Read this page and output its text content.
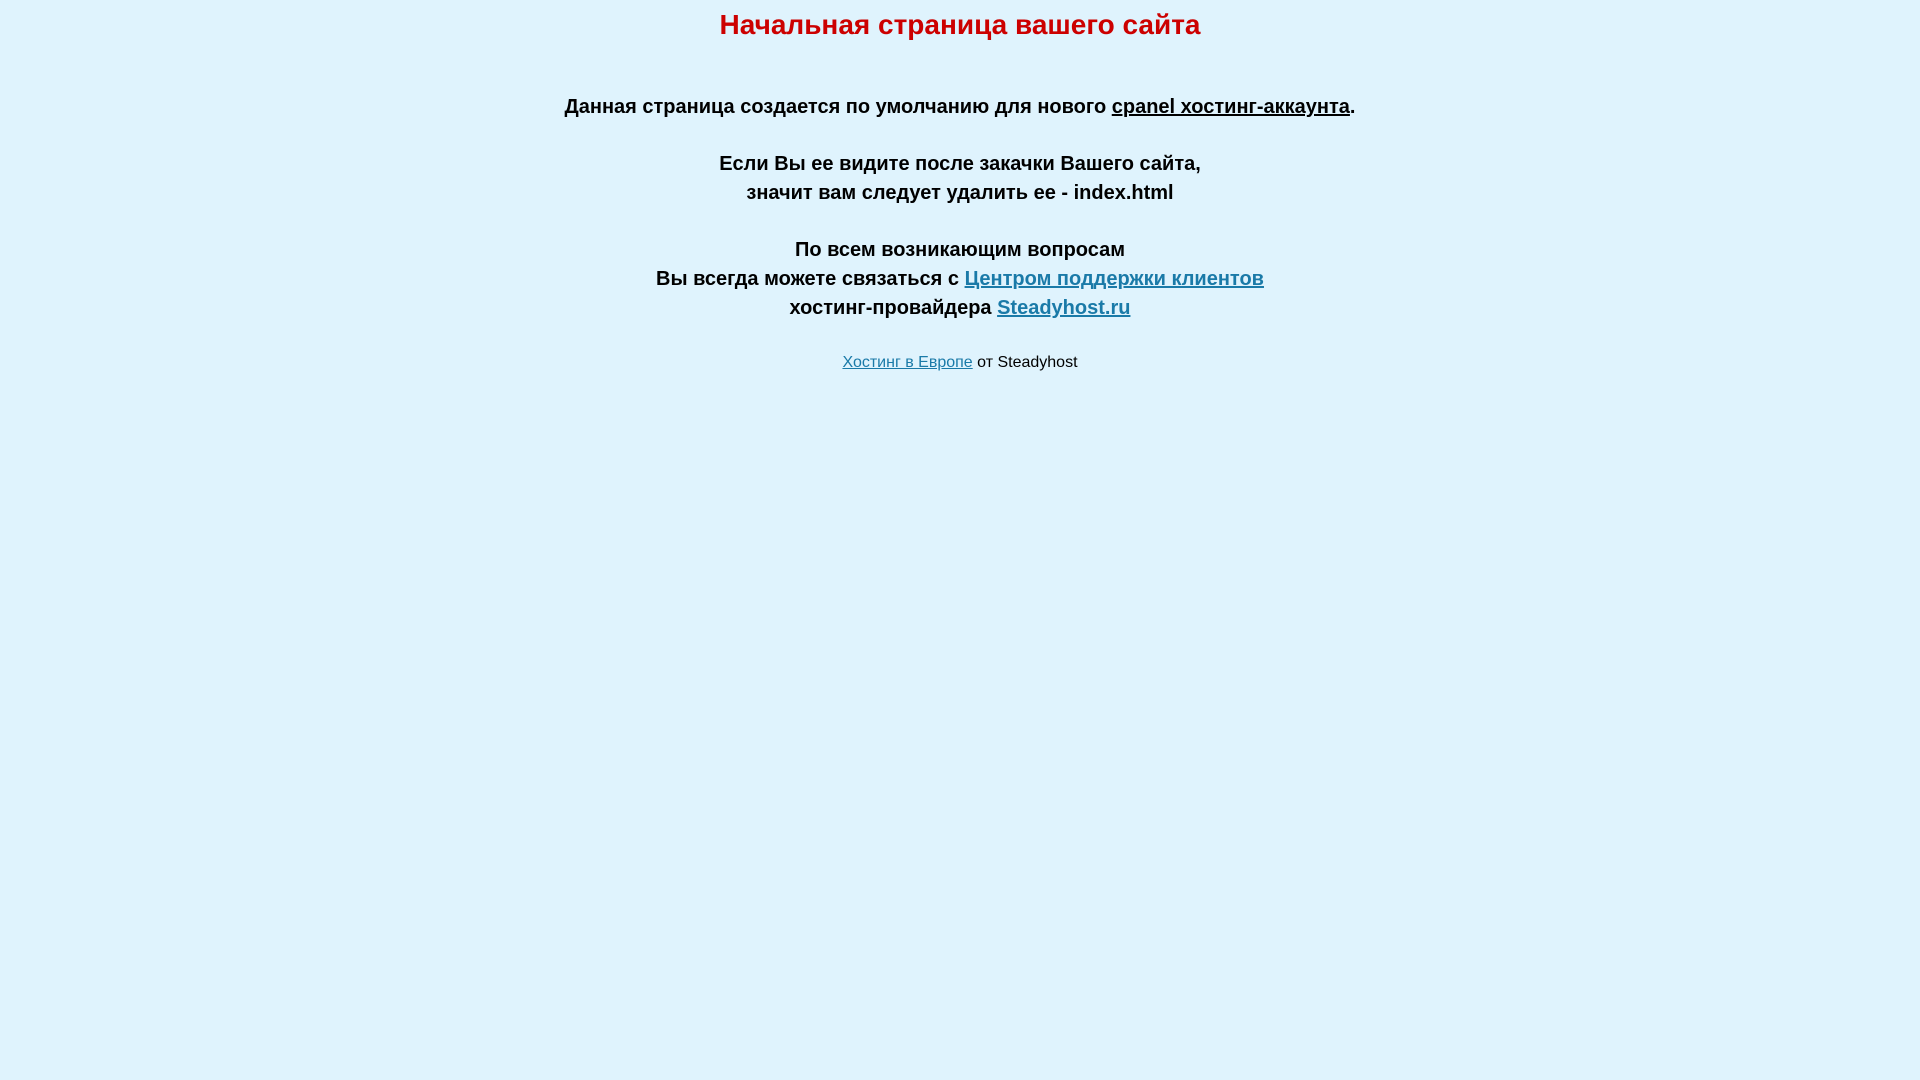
Начальная страница вашего сайта
Данная страница создается по умолчанию для нового cpanel хостинг-аккаунта.
Если Вы ее видите после закачки Вашего сайта,
значит вам следует удалить ее - index.html
По всем возникающим вопросам
Вы всегда можете связаться с Центром поддержки клиентов
хостинг-провайдера Steadyhost.ru
Хостинг в Европе от Steadyhost
